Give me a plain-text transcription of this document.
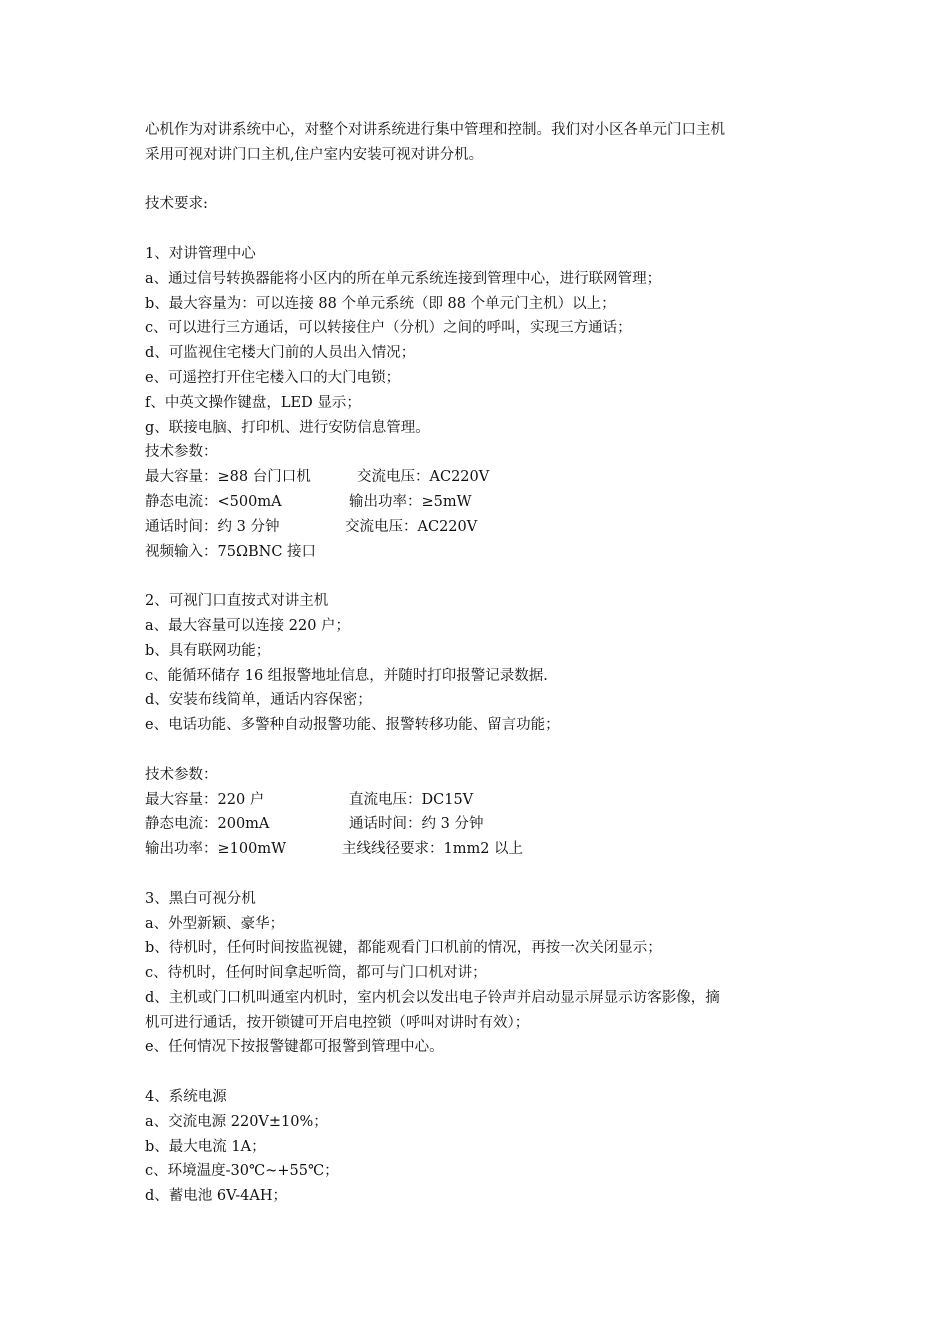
心机作为对讲系统中心，对整个对讲系统进行集中管理和控制。我们对小区各单元门口主机
采用可视对讲门口主机,住户室内安装可视对讲分机。
技术要求:
1、对讲管理中心
a、通过信号转换器能将小区内的所在单元系统连接到管理中心，进行联网管理；
b、最大容量为：可以连接 88 个单元系统（即 88 个单元门主机）以上；
c、可以进行三方通话，可以转接住户（分机）之间的呼叫，实现三方通话；
d、可监视住宅楼大门前的人员出入情况；
e、可遥控打开住宅楼入口的大门电锁；
f、中英文操作键盘，LED 显示；
g、联接电脑、打印机、进行安防信息管理。
技术参数：
最大容量：≥88 台门口机	交流电压：AC220V
静态电流：<500mA	输出功率：≥5mW
通话时间：约 3 分钟	交流电压：AC220V
视频输入：75ΩBNC 接口
2、可视门口直按式对讲主机
a、最大容量可以连接 220 户；
b、具有联网功能；
c、能循环储存 16 组报警地址信息，并随时打印报警记录数据.
d、安装布线简单，通话内容保密；
e、电话功能、多警种自动报警功能、报警转移功能、留言功能；
技术参数：
最大容量：220 户	直流电压：DC15V
静态电流：200mA	通话时间：约 3 分钟
输出功率：≥100mW	主线线径要求：1mm2 以上
3、黑白可视分机
a、外型新颖、豪华；
b、待机时，任何时间按监视键，都能观看门口机前的情况，再按一次关闭显示；
c、待机时，任何时间拿起听筒，都可与门口机对讲；
d、主机或门口机叫通室内机时，室内机会以发出电子铃声并启动显示屏显示访客影像，摘
机可进行通话，按开锁键可开启电控锁（呼叫对讲时有效）；
e、任何情况下按报警键都可报警到管理中心。
4、系统电源
a、交流电源 220V±10%；
b、最大电流 1A；
c、环境温度-30℃~+55℃；
d、蓄电池 6V-4AH；
